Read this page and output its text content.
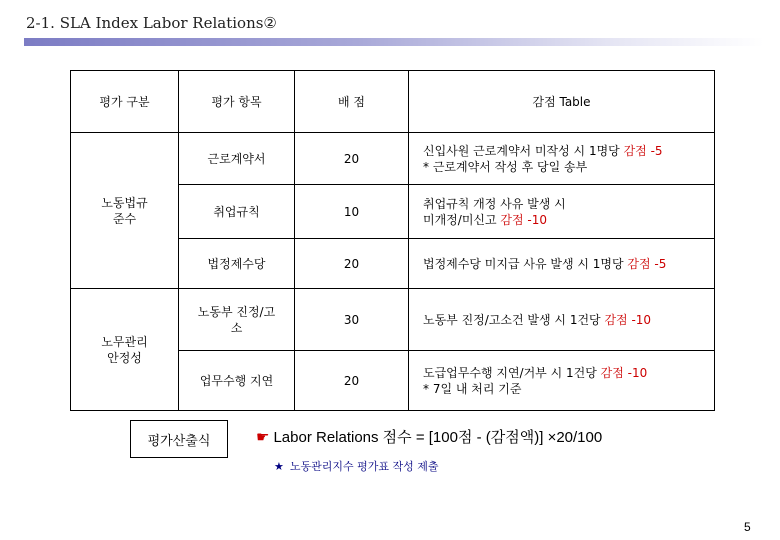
2-1. SLA Index Labor Relations②
평가 구분	평가 항목	배 점	감점 Table
노동법규
준수	근로계약서	20	신입사원 근로계약서 미작성 시 1명당 감점 -5
* 근로계약서 작성 후 당일 송부
	취업규칙	10	취업규칙 개정 사유 발생 시
미개정/미신고 감점 -10
	법정제수당	20	법정제수당 미지급 사유 발생 시 1명당 감점 -5
노무관리
안정성	노동부 진정/고
소	30	노동부 진정/고소건 발생 시 1건당 감점 -10
	업무수행 지연	20	도급업무수행 지연/거부 시 1건당 감점 -10
* 7일 내 처리 기준
평가산출식	☛ Labor Relations 점수 = [100점 - (감점액)] ×20/100
★ 노동관리지수 평가표 작성 제출
5
